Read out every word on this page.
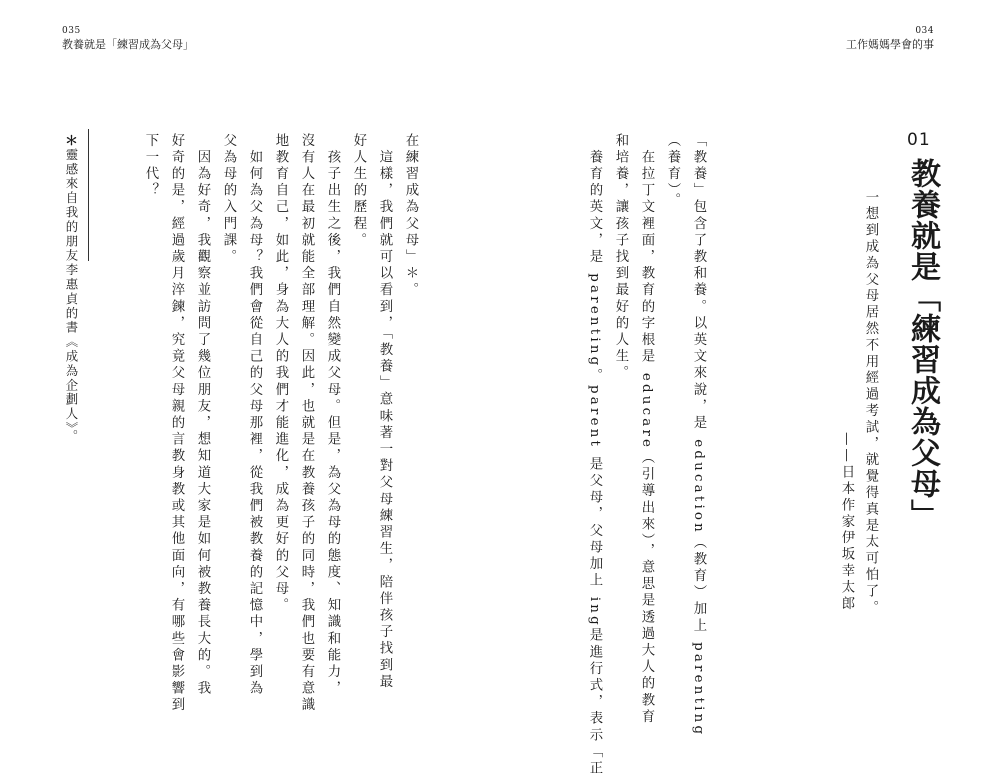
035
教養就是「練習成為父母」
034
工作媽媽學會的事
01
教養就是「練習成為父母」
一想到成為父母居然不用經過考試，就覺得真是太可怕了。
——日本作家伊坂幸太郎
「教養」包含了教和養。以英文來說，是 education（教育）加上 parenting
（養育）。
　在拉丁文裡面，教育的字根是 educare（引導出來），意思是透過大人的教育
和培養，讓孩子找到最好的人生。
　養育的英文，是 parenting。parent 是父母，父母加上 ing是進行式，表示「正
在練習成為父母」＊。
　這樣，我們就可以看到，「教養」意味著一對父母練習生，陪伴孩子找到最
好人生的歷程。
　孩子出生之後，我們自然變成父母。但是，為父為母的態度、知識和能力，
沒有人在最初就能全部理解。因此，也就是在教養孩子的同時，我們也要有意識
地教育自己，如此，身為大人的我們才能進化，成為更好的父母。
　如何為父為母？我們會從自己的父母那裡，從我們被教養的記憶中，學到為
父為母的入門課。
　因為好奇，我觀察並訪問了幾位朋友，想知道大家是如何被教養長大的。我
好奇的是，經過歲月淬鍊，究竟父母親的言教身教或其他面向，有哪些會影響到
下一代？
＊
靈感來自我的朋友李惠貞的書《成為企劃人》。
